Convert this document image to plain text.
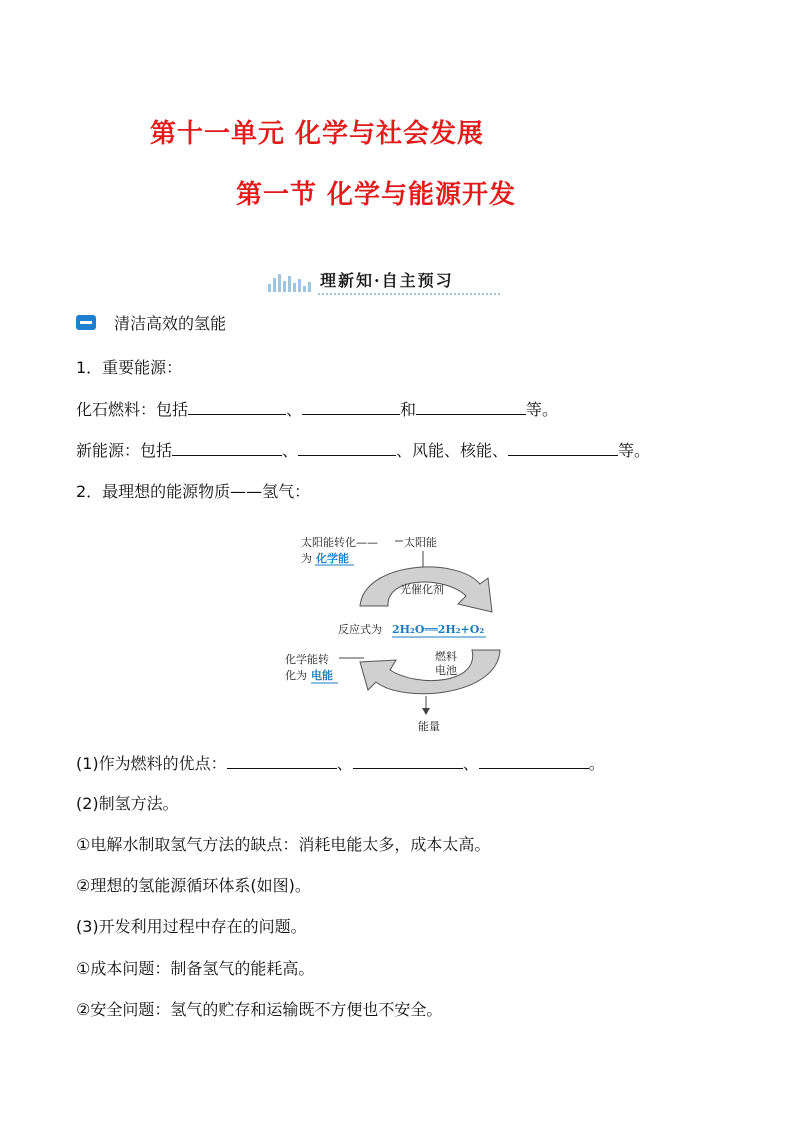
第十一单元 化学与社会发展
第一节 化学与能源开发
理新知·自主预习

清洁高效的氢能

1．重要能源：

化石燃料：包括	、	和	等。

新能源：包括	、	、风能、核能、	等。

2．最理想的能源物质——氢气：

太阳能转化——
为 化学能
太阳能
光催化剂
反应式为 2H₂O══2H₂+O₂
燃料
电池
化学能转
化为 电能
能量

(1)作为燃料的优点：	、	、	。

(2)制氢方法。

①电解水制取氢气方法的缺点：消耗电能太多，成本太高。

②理想的氢能源循环体系(如图)。

(3)开发利用过程中存在的问题。

①成本问题：制备氢气的能耗高。

②安全问题：氢气的贮存和运输既不方便也不安全。
